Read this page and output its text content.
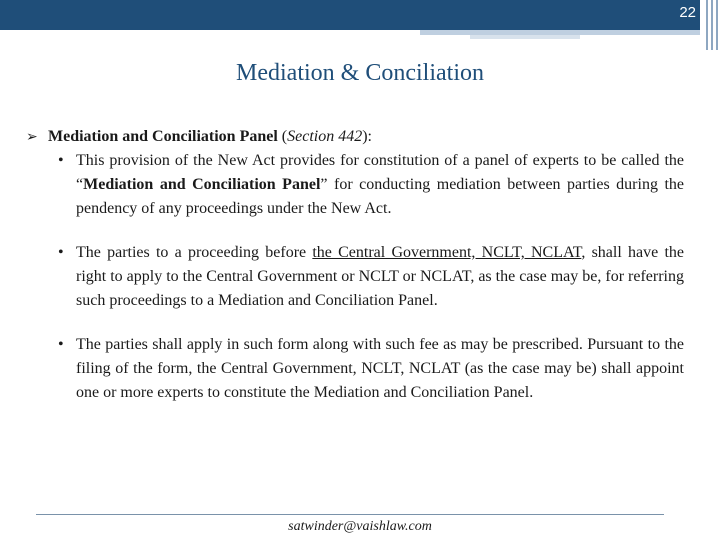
22
Mediation & Conciliation
➢ Mediation and Conciliation Panel (Section 442):
• This provision of the New Act provides for constitution of a panel of experts to be called the “Mediation and Conciliation Panel” for conducting mediation between parties during the pendency of any proceedings under the New Act.
• The parties to a proceeding before the Central Government, NCLT, NCLAT, shall have the right to apply to the Central Government or NCLT or NCLAT, as the case may be, for referring such proceedings to a Mediation and Conciliation Panel.
• The parties shall apply in such form along with such fee as may be prescribed. Pursuant to the filing of the form, the Central Government, NCLT, NCLAT (as the case may be) shall appoint one or more experts to constitute the Mediation and Conciliation Panel.
satwinder@vaishlaw.com
